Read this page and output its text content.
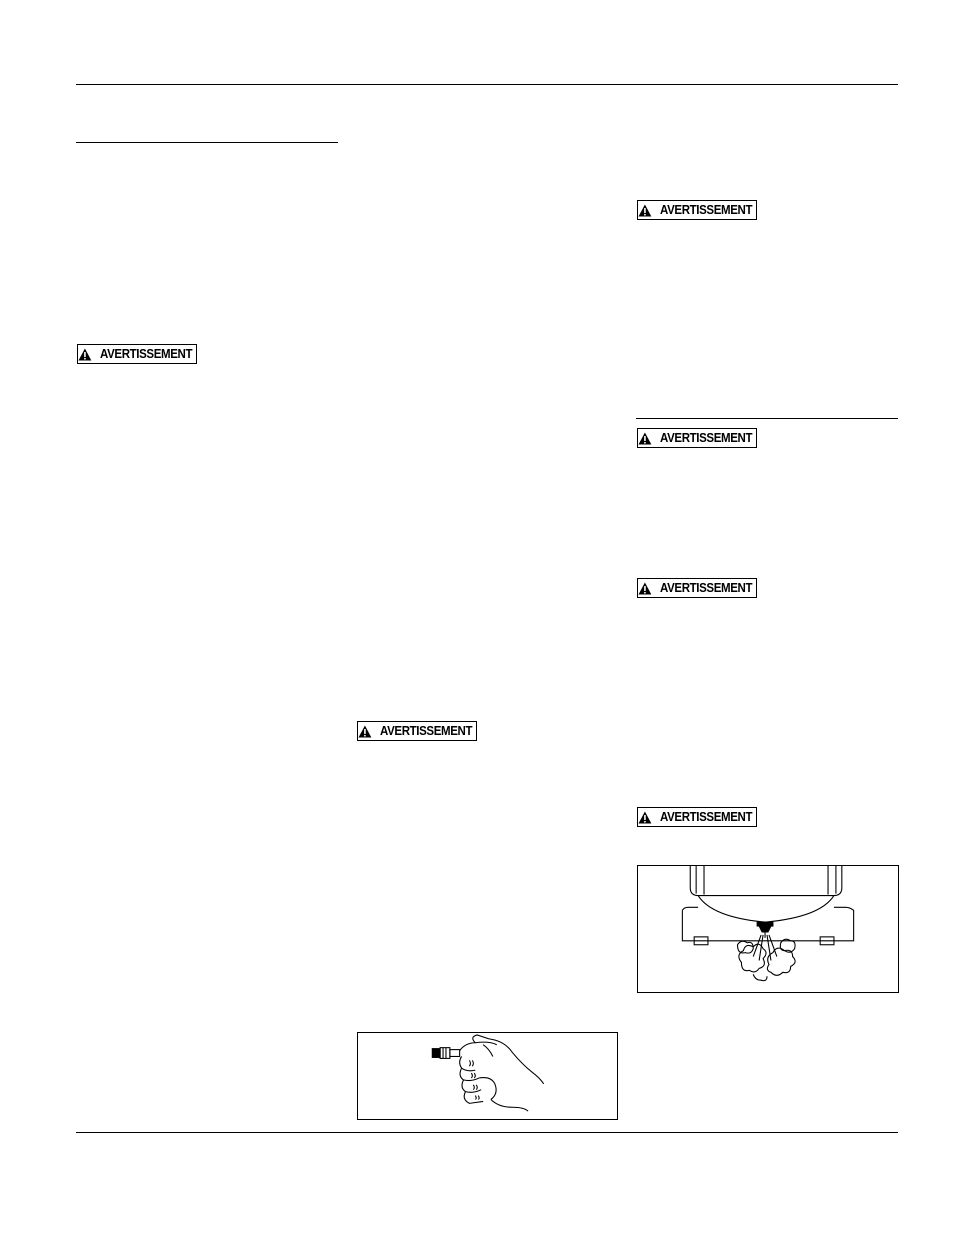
AVERTISSEMENT
AVERTISSEMENT
AVERTISSEMENT
AVERTISSEMENT
AVERTISSEMENT
AVERTISSEMENT
